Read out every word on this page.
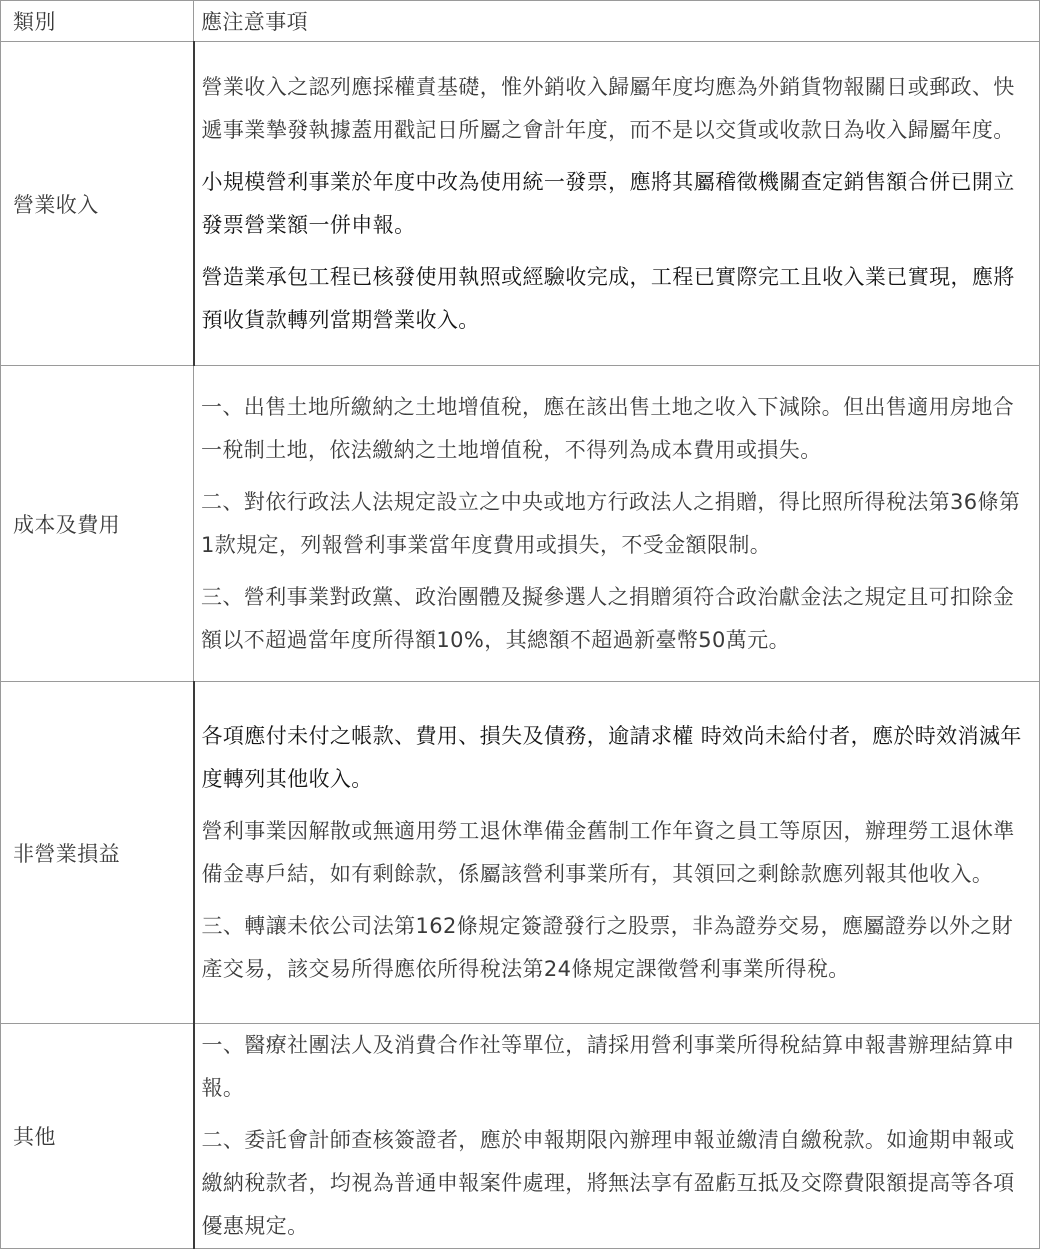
類別	應注意事項
營業收入	營業收入之認列應採權責基礎，惟外銷收入歸屬年度均應為外銷貨物報關日或郵政、快遞事業摯發執據蓋用戳記日所屬之會計年度，而不是以交貨或收款日為收入歸屬年度。

小規模營利事業於年度中改為使用統一發票，應將其屬稽徵機關查定銷售額合併已開立發票營業額一併申報。

營造業承包工程已核發使用執照或經驗收完成，工程已實際完工且收入業已實現，應將預收貨款轉列當期營業收入。

成本及費用	一、出售土地所繳納之土地增值稅，應在該出售土地之收入下減除。但出售適用房地合一稅制土地，依法繳納之土地增值稅，不得列為成本費用或損失。

二、對依行政法人法規定設立之中央或地方行政法人之捐贈，得比照所得稅法第36條第1款規定，列報營利事業當年度費用或損失，不受金額限制。

三、營利事業對政黨、政治團體及擬參選人之捐贈須符合政治獻金法之規定且可扣除金額以不超過當年度所得額10%，其總額不超過新臺幣50萬元。

非營業損益	各項應付未付之帳款、費用、損失及債務，逾請求權 時效尚未給付者，應於時效消滅年度轉列其他收入。

營利事業因解散或無適用勞工退休準備金舊制工作年資之員工等原因，辦理勞工退休準備金專戶結，如有剩餘款，係屬該營利事業所有，其領回之剩餘款應列報其他收入。

三、轉讓未依公司法第162條規定簽證發行之股票，非為證券交易，應屬證券以外之財產交易，該交易所得應依所得稅法第24條規定課徵營利事業所得稅。

其他	一、醫療社團法人及消費合作社等單位，請採用營利事業所得稅結算申報書辦理結算申報。

二、委託會計師查核簽證者，應於申報期限內辦理申報並繳清自繳稅款。如逾期申報或繳納稅款者，均視為普通申報案件處理，將無法享有盈虧互抵及交際費限額提高等各項優惠規定。
